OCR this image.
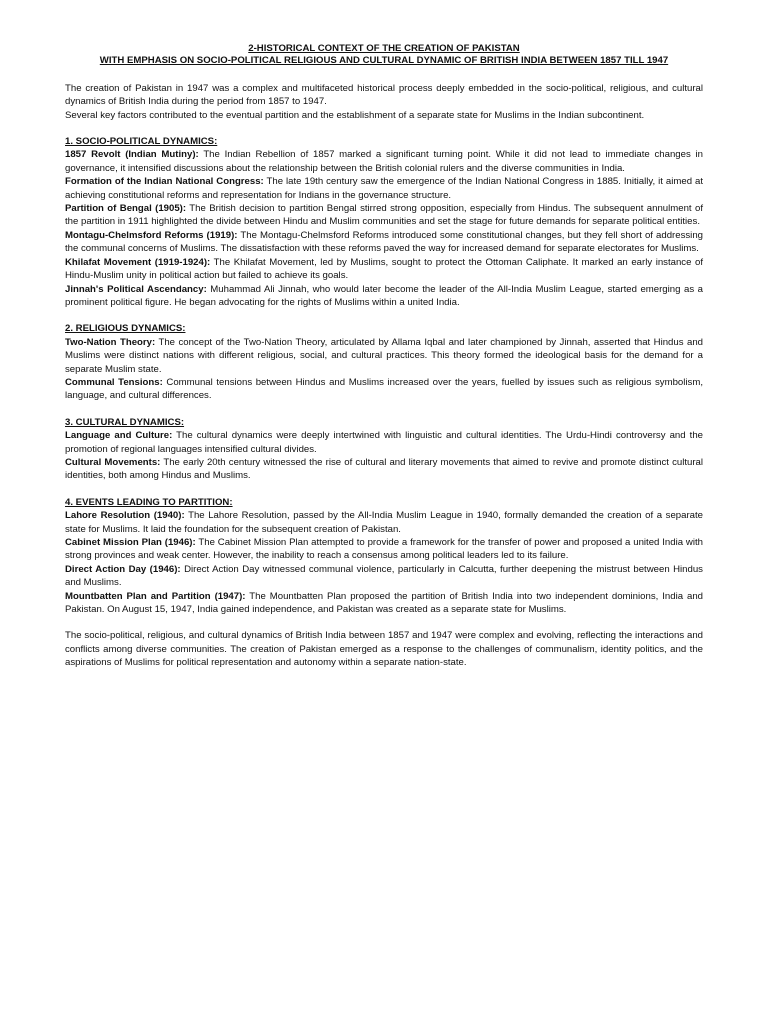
2-HISTORICAL CONTEXT OF THE CREATION OF PAKISTAN

WITH EMPHASIS ON SOCIO-POLITICAL RELIGIOUS AND CULTURAL DYNAMIC OF BRITISH INDIA BETWEEN 1857 TILL 1947

The creation of Pakistan in 1947 was a complex and multifaceted historical process deeply embedded in the socio-political, religious, and cultural dynamics of British India during the period from 1857 to 1947.

Several key factors contributed to the eventual partition and the establishment of a separate state for Muslims in the Indian subcontinent.

1. SOCIO-POLITICAL DYNAMICS:

1857 Revolt (Indian Mutiny): The Indian Rebellion of 1857 marked a significant turning point. While it did not lead to immediate changes in governance, it intensified discussions about the relationship between the British colonial rulers and the diverse communities in India.

Formation of the Indian National Congress: The late 19th century saw the emergence of the Indian National Congress in 1885. Initially, it aimed at achieving constitutional reforms and representation for Indians in the governance structure.

Partition of Bengal (1905): The British decision to partition Bengal stirred strong opposition, especially from Hindus. The subsequent annulment of the partition in 1911 highlighted the divide between Hindu and Muslim communities and set the stage for future demands for separate political entities.

Montagu-Chelmsford Reforms (1919): The Montagu-Chelmsford Reforms introduced some constitutional changes, but they fell short of addressing the communal concerns of Muslims. The dissatisfaction with these reforms paved the way for increased demand for separate electorates for Muslims.

Khilafat Movement (1919-1924): The Khilafat Movement, led by Muslims, sought to protect the Ottoman Caliphate. It marked an early instance of Hindu-Muslim unity in political action but failed to achieve its goals.

Jinnah's Political Ascendancy: Muhammad Ali Jinnah, who would later become the leader of the All-India Muslim League, started emerging as a prominent political figure. He began advocating for the rights of Muslims within a united India.

2. RELIGIOUS DYNAMICS:

Two-Nation Theory: The concept of the Two-Nation Theory, articulated by Allama Iqbal and later championed by Jinnah, asserted that Hindus and Muslims were distinct nations with different religious, social, and cultural practices. This theory formed the ideological basis for the demand for a separate Muslim state.

Communal Tensions: Communal tensions between Hindus and Muslims increased over the years, fuelled by issues such as religious symbolism, language, and cultural differences.

3. CULTURAL DYNAMICS:

Language and Culture: The cultural dynamics were deeply intertwined with linguistic and cultural identities. The Urdu-Hindi controversy and the promotion of regional languages intensified cultural divides.

Cultural Movements: The early 20th century witnessed the rise of cultural and literary movements that aimed to revive and promote distinct cultural identities, both among Hindus and Muslims.

4. EVENTS LEADING TO PARTITION:

Lahore Resolution (1940): The Lahore Resolution, passed by the All-India Muslim League in 1940, formally demanded the creation of a separate state for Muslims. It laid the foundation for the subsequent creation of Pakistan.

Cabinet Mission Plan (1946): The Cabinet Mission Plan attempted to provide a framework for the transfer of power and proposed a united India with strong provinces and weak center. However, the inability to reach a consensus among political leaders led to its failure.

Direct Action Day (1946): Direct Action Day witnessed communal violence, particularly in Calcutta, further deepening the mistrust between Hindus and Muslims.

Mountbatten Plan and Partition (1947): The Mountbatten Plan proposed the partition of British India into two independent dominions, India and Pakistan. On August 15, 1947, India gained independence, and Pakistan was created as a separate state for Muslims.

The socio-political, religious, and cultural dynamics of British India between 1857 and 1947 were complex and evolving, reflecting the interactions and conflicts among diverse communities. The creation of Pakistan emerged as a response to the challenges of communalism, identity politics, and the aspirations of Muslims for political representation and autonomy within a separate nation-state.
